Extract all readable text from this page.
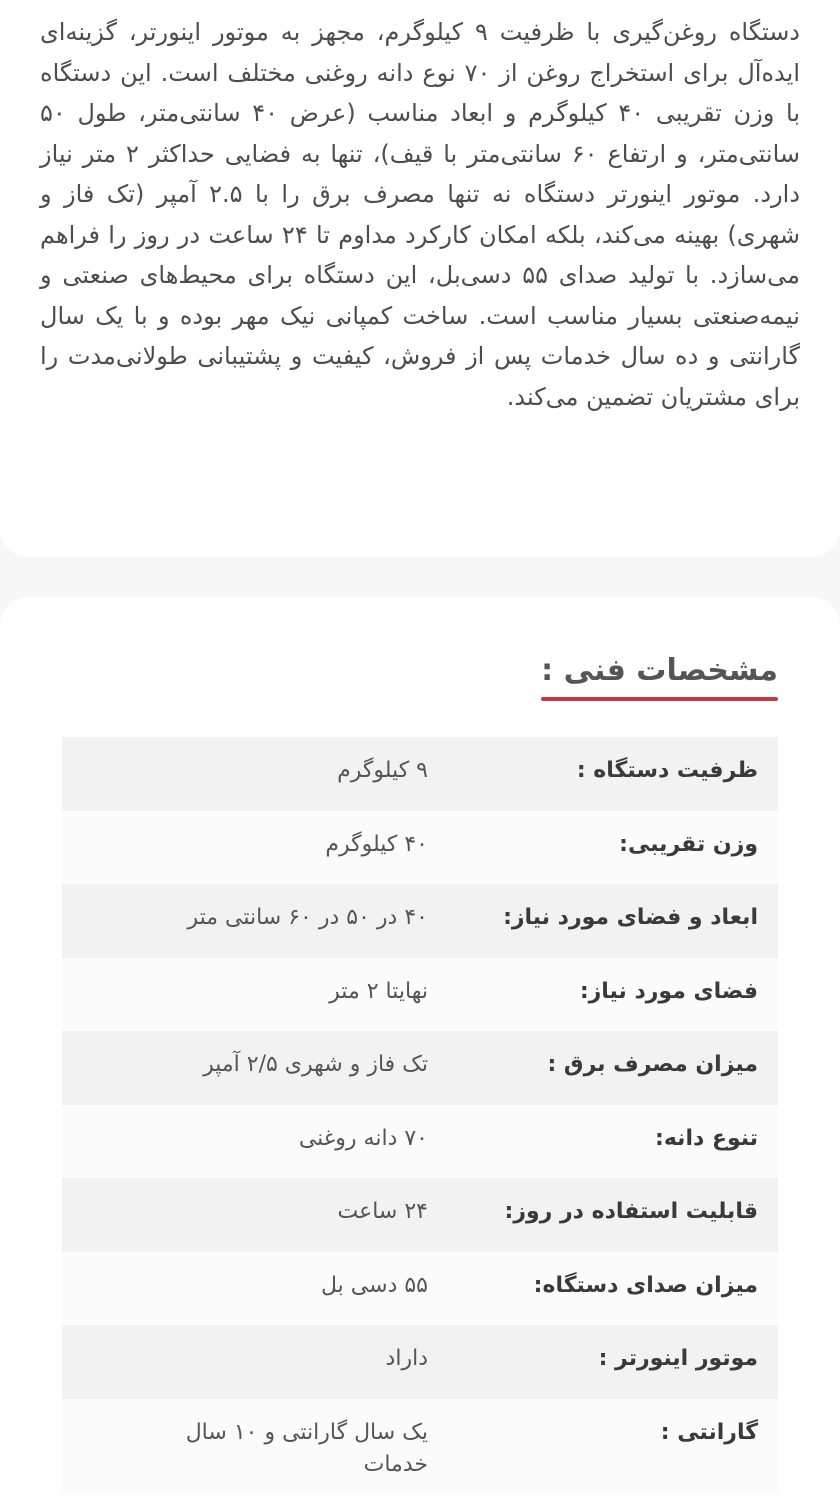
دستگاه روغن‌گیری با ظرفیت ۹ کیلوگرم، مجهز به موتور اینورتر، گزینه‌ای ایده‌آل برای استخراج روغن از ۷۰ نوع دانه روغنی مختلف است. این دستگاه با وزن تقریبی ۴۰ کیلوگرم و ابعاد مناسب (عرض ۴۰ سانتی‌متر، طول ۵۰ سانتی‌متر، و ارتفاع ۶۰ سانتی‌متر با قیف)، تنها به فضایی حداکثر ۲ متر نیاز دارد. موتور اینورتر دستگاه نه تنها مصرف برق را با ۲.۵ آمپر (تک فاز و شهری) بهینه می‌کند، بلکه امکان کارکرد مداوم تا ۲۴ ساعت در روز را فراهم می‌سازد. با تولید صدای ۵۵ دسی‌بل، این دستگاه برای محیط‌های صنعتی و نیمه‌صنعتی بسیار مناسب است. ساخت کمپانی نیک مهر بوده و با یک سال گارانتی و ده سال خدمات پس از فروش، کیفیت و پشتیبانی طولانی‌مدت را برای مشتریان تضمین می‌کند.

مشخصات فنی :
ظرفیت دستگاه :
۹ کیلوگرم
وزن تقریبی:
۴۰ کیلوگرم
ابعاد و فضای مورد نیاز:
۴۰ در ۵۰ در ۶۰ سانتی متر
فضای مورد نیاز:
نهایتا ۲ متر
میزان مصرف برق :
تک فاز و شهری ۲/۵ آمپر
تنوع دانه:
۷۰ دانه روغنی
قابلیت استفاده در روز:
۲۴ ساعت
میزان صدای دستگاه:
۵۵ دسی بل
موتور اینورتر :
داراد
گارانتی :
یک سال گارانتی و ۱۰ سال خدمات
